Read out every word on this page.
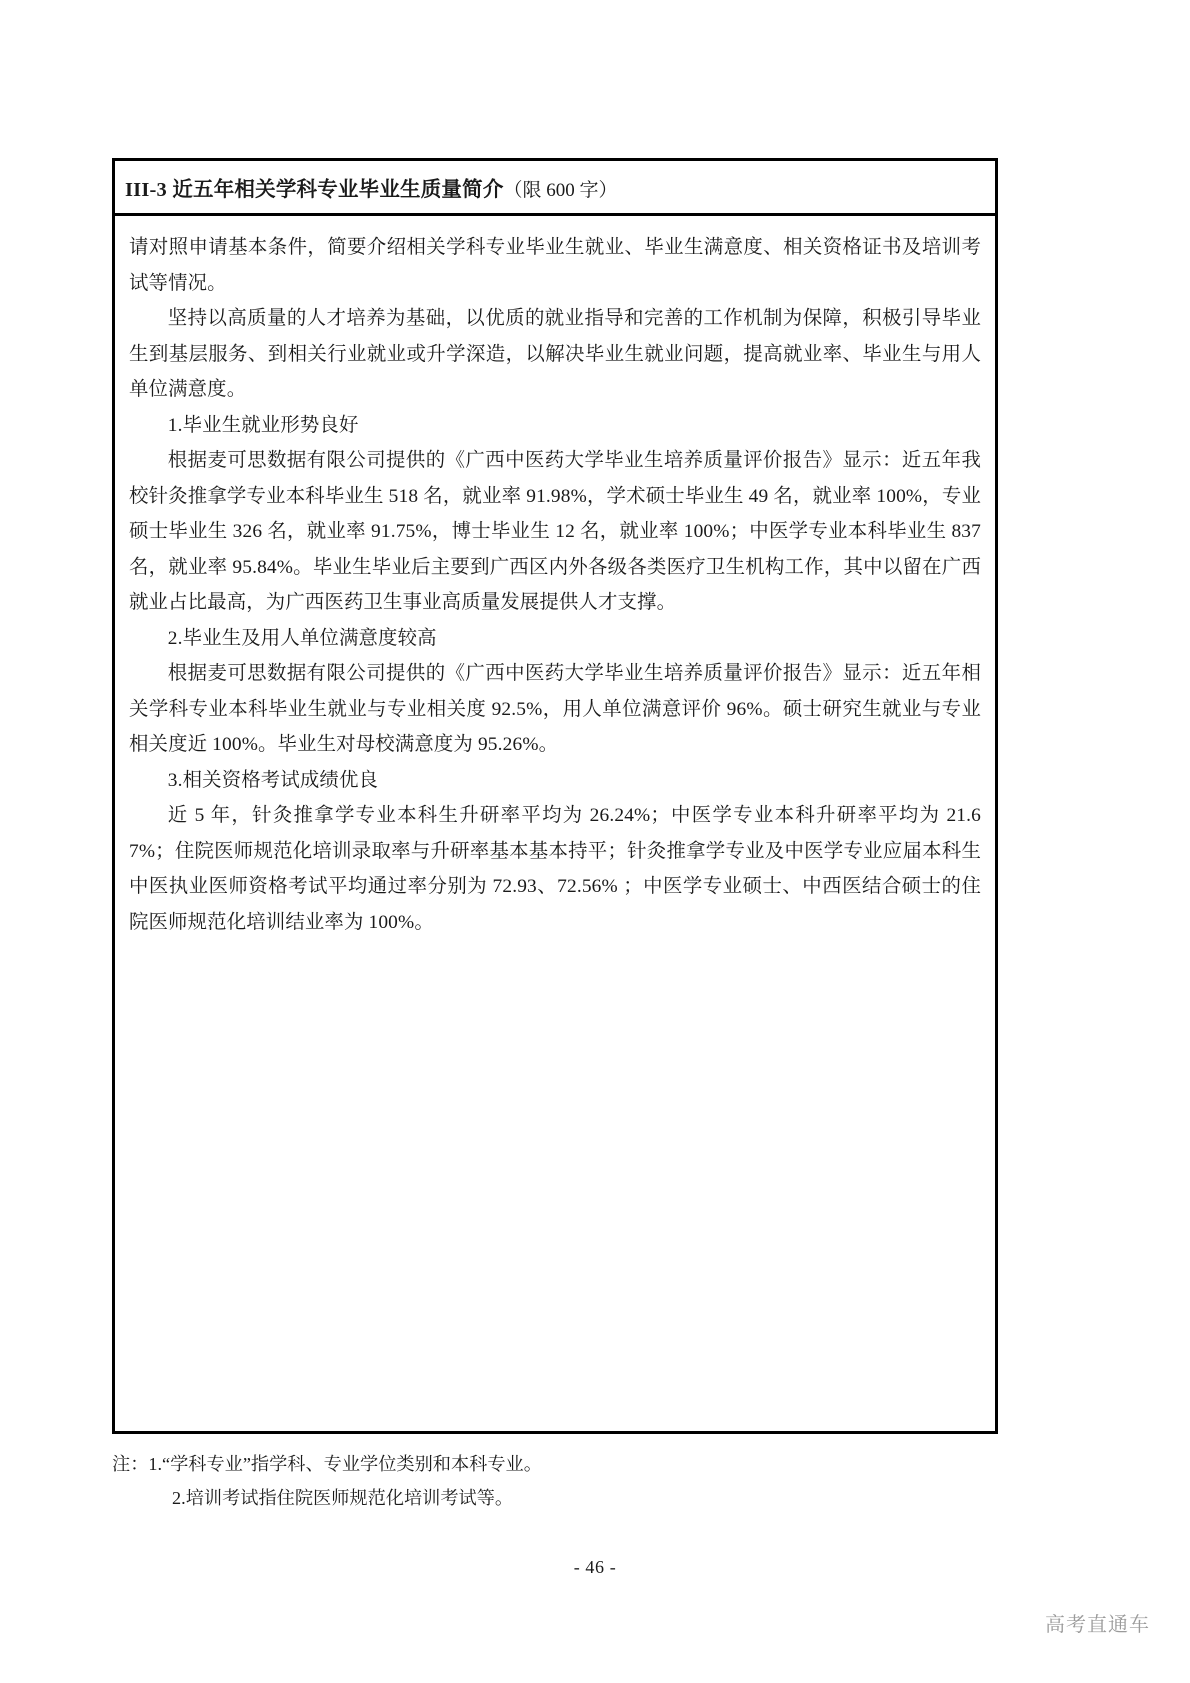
III-3 近五年相关学科专业毕业生质量简介（限 600 字）

请对照申请基本条件，简要介绍相关学科专业毕业生就业、毕业生满意度、相关资格证书及培训考试等情况。

坚持以高质量的人才培养为基础，以优质的就业指导和完善的工作机制为保障，积极引导毕业生到基层服务、到相关行业就业或升学深造，以解决毕业生就业问题，提高就业率、毕业生与用人单位满意度。

1.毕业生就业形势良好

根据麦可思数据有限公司提供的《广西中医药大学毕业生培养质量评价报告》显示：近五年我校针灸推拿学专业本科毕业生 518 名，就业率 91.98%，学术硕士毕业生 49 名，就业率 100%，专业硕士毕业生 326 名，就业率 91.75%，博士毕业生 12 名，就业率 100%；中医学专业本科毕业生 837 名，就业率 95.84%。毕业生毕业后主要到广西区内外各级各类医疗卫生机构工作，其中以留在广西就业占比最高，为广西医药卫生事业高质量发展提供人才支撑。

2.毕业生及用人单位满意度较高

根据麦可思数据有限公司提供的《广西中医药大学毕业生培养质量评价报告》显示：近五年相关学科专业本科毕业生就业与专业相关度 92.5%，用人单位满意评价 96%。硕士研究生就业与专业相关度近 100%。毕业生对母校满意度为 95.26%。

3.相关资格考试成绩优良

近 5 年，针灸推拿学专业本科生升研率平均为 26.24%；中医学专业本科升研率平均为 21.67%；住院医师规范化培训录取率与升研率基本基本持平；针灸推拿学专业及中医学专业应届本科生中医执业医师资格考试平均通过率分别为 72.93、72.56% ；中医学专业硕士、中西医结合硕士的住院医师规范化培训结业率为 100%。

注：1.“学科专业”指学科、专业学位类别和本科专业。

2.培训考试指住院医师规范化培训考试等。

- 46 -
高考直通车
